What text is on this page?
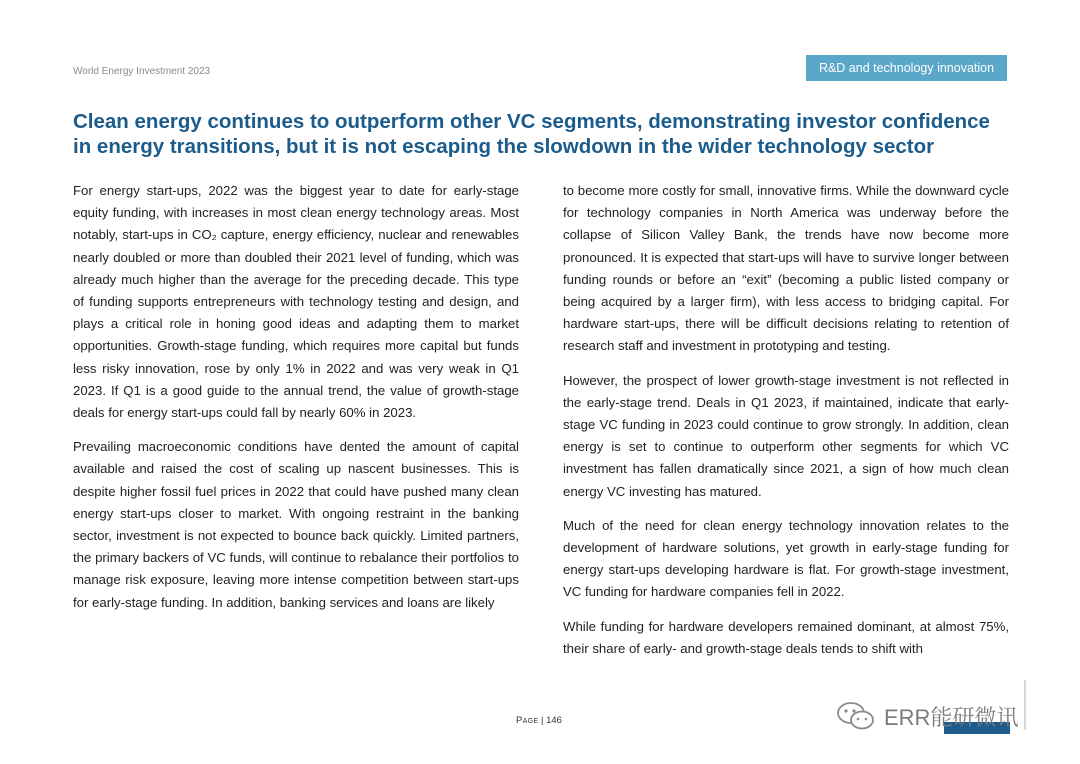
World Energy Investment 2023	R&D and technology innovation
Clean energy continues to outperform other VC segments, demonstrating investor confidence
in energy transitions, but it is not escaping the slowdown in the wider technology sector

For energy start-ups, 2022 was the biggest year to date for early-stage equity funding, with increases in most clean energy technology areas. Most notably, start-ups in CO₂ capture, energy efficiency, nuclear and renewables nearly doubled or more than doubled their 2021 level of funding, which was already much higher than the average for the preceding decade. This type of funding supports entrepreneurs with technology testing and design, and plays a critical role in honing good ideas and adapting them to market opportunities. Growth-stage funding, which requires more capital but funds less risky innovation, rose by only 1% in 2022 and was very weak in Q1 2023. If Q1 is a good guide to the annual trend, the value of growth-stage deals for energy start-ups could fall by nearly 60% in 2023.

Prevailing macroeconomic conditions have dented the amount of capital available and raised the cost of scaling up nascent businesses. This is despite higher fossil fuel prices in 2022 that could have pushed many clean energy start-ups closer to market. With ongoing restraint in the banking sector, investment is not expected to bounce back quickly. Limited partners, the primary backers of VC funds, will continue to rebalance their portfolios to manage risk exposure, leaving more intense competition between start-ups for early-stage funding. In addition, banking services and loans are likely

to become more costly for small, innovative firms. While the downward cycle for technology companies in North America was underway before the collapse of Silicon Valley Bank, the trends have now become more pronounced. It is expected that start-ups will have to survive longer between funding rounds or before an “exit” (becoming a public listed company or being acquired by a larger firm), with less access to bridging capital. For hardware start-ups, there will be difficult decisions relating to retention of research staff and investment in prototyping and testing.

However, the prospect of lower growth-stage investment is not reflected in the early-stage trend. Deals in Q1 2023, if maintained, indicate that early-stage VC funding in 2023 could continue to grow strongly. In addition, clean energy is set to continue to outperform other segments for which VC investment has fallen dramatically since 2021, a sign of how much clean energy VC investing has matured.

Much of the need for clean energy technology innovation relates to the development of hardware solutions, yet growth in early-stage funding for energy start-ups developing hardware is flat. For growth-stage investment, VC funding for hardware companies fell in 2022.

While funding for hardware developers remained dominant, at almost 75%, their share of early- and growth-stage deals tends to shift with

Page | 146	ERR能研微讯
